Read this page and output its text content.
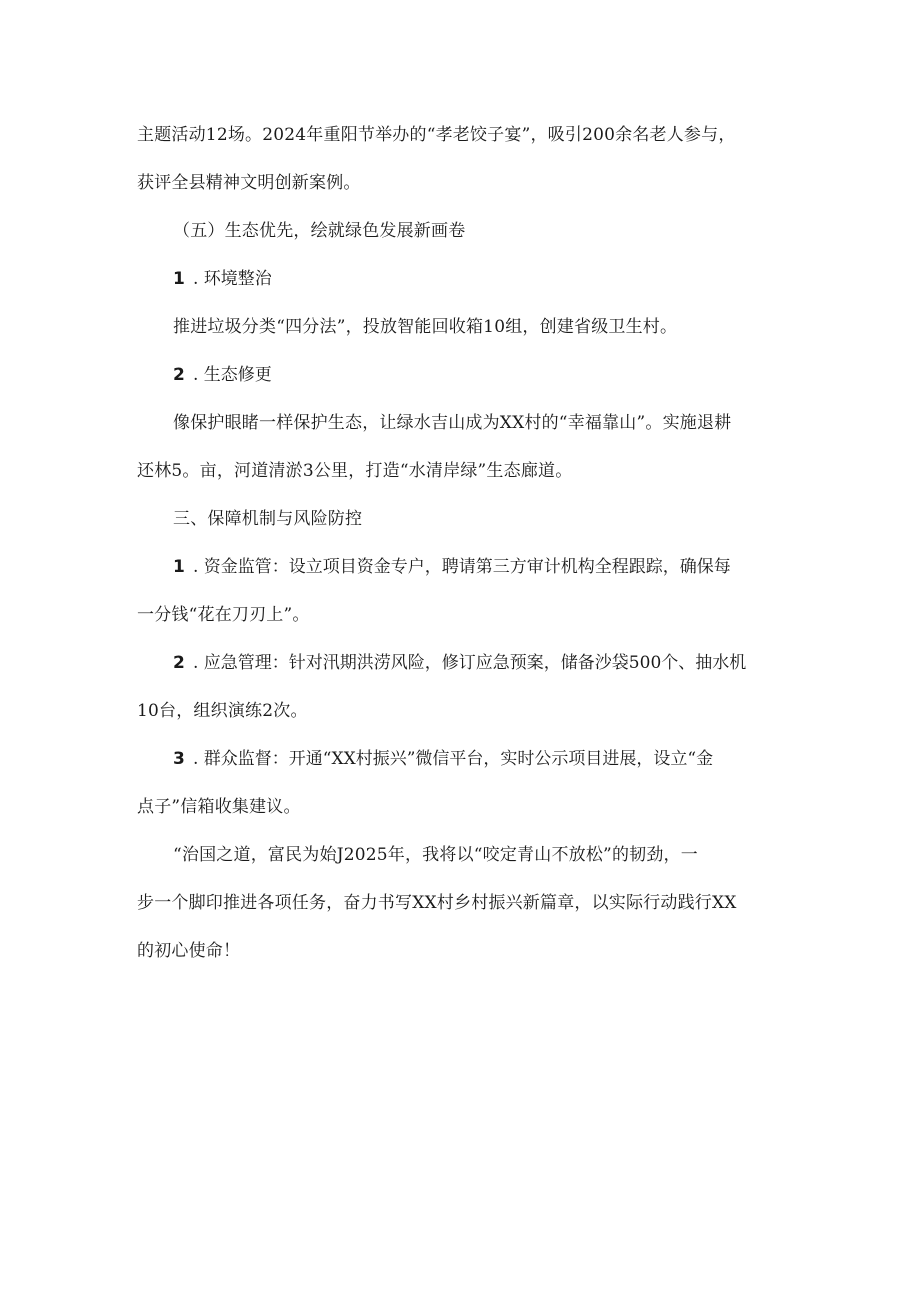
主题活动12场。2024年重阳节举办的“孝老饺子宴”，吸引200余名老人参与，
获评全县精神文明创新案例。
（五）生态优先，绘就绿色发展新画卷
1 . 环境整治
推进垃圾分类“四分法”，投放智能回收箱10组，创建省级卫生村。
2 . 生态修更
像保护眼睹一样保护生态，让绿水吉山成为XX村的“幸福靠山”。实施退耕
还林5。亩，河道清淤3公里，打造“水清岸绿”生态廊道。
三、保障机制与风险防控
1 . 资金监管：设立项目资金专户，聘请第三方审计机构全程跟踪，确保每
一分钱“花在刀刃上”。
2 . 应急管理：针对汛期洪涝风险，修订应急预案，储备沙袋500个、抽水机
10台，组织演练2次。
3 . 群众监督：开通“XX村振兴”微信平台，实时公示项目进展，设立“金
点子”信箱收集建议。
“治国之道，富民为始J2025年，我将以“咬定青山不放松”的韧劲，一
步一个脚印推进各项任务，奋力书写XX村乡村振兴新篇章，以实际行动践行XX
的初心使命！
